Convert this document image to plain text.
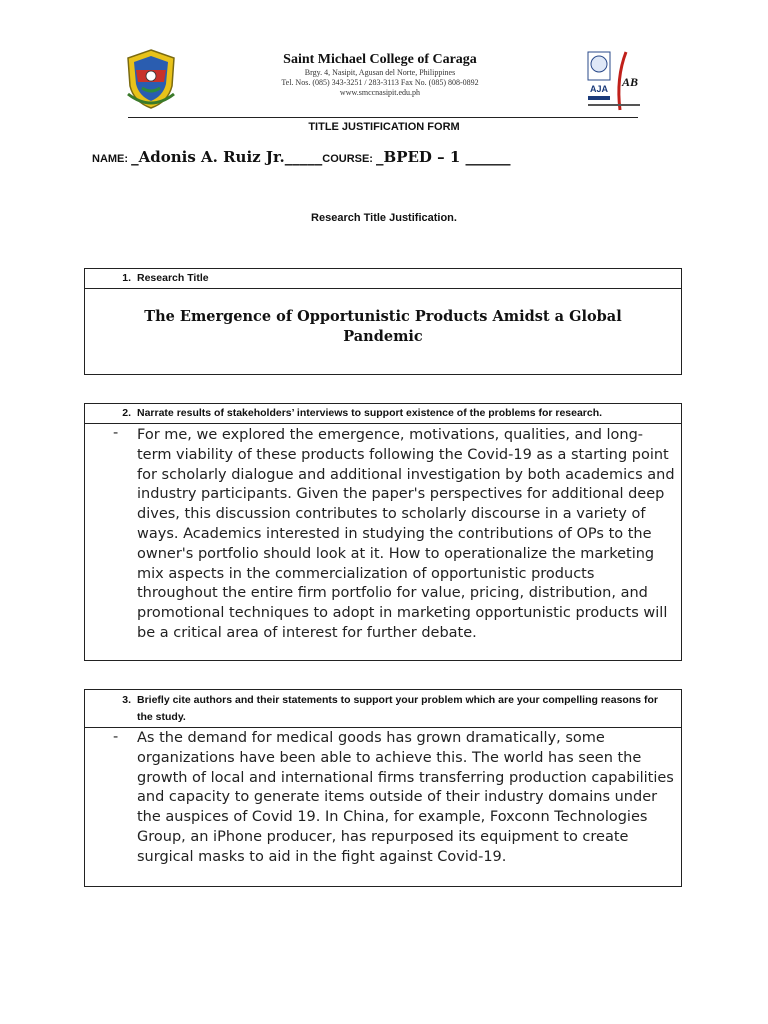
Saint Michael College of Caraga
Brgy. 4, Nasipit, Agusan del Norte, Philippines
Tel. Nos. (085) 343-3251 / 283-3113 Fax No. (085) 808-0892
www.smccnasipit.edu.ph	AJA AB
TITLE JUSTIFICATION FORM
NAME: _Adonis A. Ruiz Jr._____COURSE: _BPED – 1 ______
Research Title Justification.
1. Research Title
The Emergence of Opportunistic Products Amidst a Global Pandemic
2. Narrate results of stakeholders’ interviews to support existence of the problems for research.
- For me, we explored the emergence, motivations, qualities, and long-term viability of these products following the Covid-19 as a starting point for scholarly dialogue and additional investigation by both academics and industry participants. Given the paper's perspectives for additional deep dives, this discussion contributes to scholarly discourse in a variety of ways. Academics interested in studying the contributions of OPs to the owner's portfolio should look at it. How to operationalize the marketing mix aspects in the commercialization of opportunistic products throughout the entire firm portfolio for value, pricing, distribution, and promotional techniques to adopt in marketing opportunistic products will be a critical area of interest for further debate.
3. Briefly cite authors and their statements to support your problem which are your compelling reasons for the study.
- As the demand for medical goods has grown dramatically, some organizations have been able to achieve this. The world has seen the growth of local and international firms transferring production capabilities and capacity to generate items outside of their industry domains under the auspices of Covid 19. In China, for example, Foxconn Technologies Group, an iPhone producer, has repurposed its equipment to create surgical masks to aid in the fight against Covid-19.
